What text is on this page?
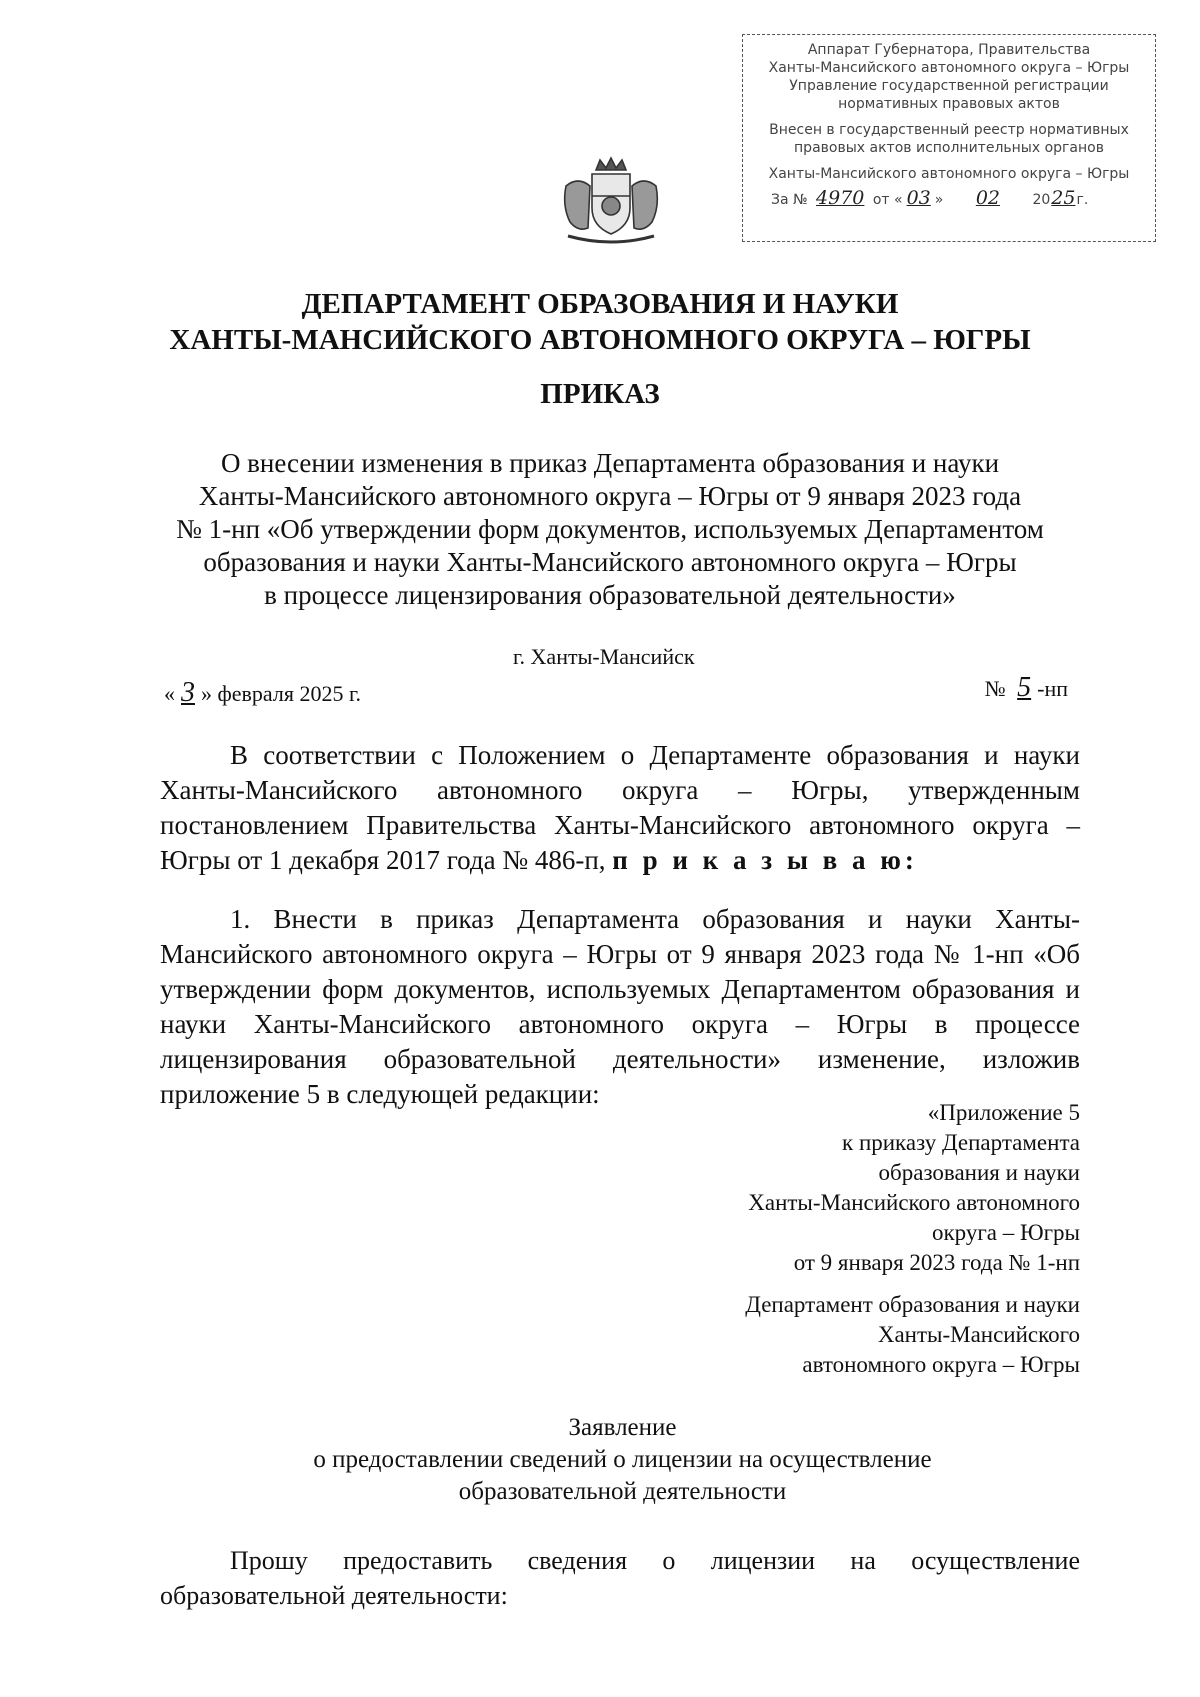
Аппарат Губернатора, Правительства
Ханты-Мансийского автономного округа – Югры
Управление государственной регистрации
нормативных правовых актов
Внесен в государственный реестр нормативных
правовых актов исполнительных органов
Ханты-Мансийского автономного округа – Югры
За № 4970 от « 03 » 02 2025г.
ДЕПАРТАМЕНТ ОБРАЗОВАНИЯ И НАУКИ
ХАНТЫ-МАНСИЙСКОГО АВТОНОМНОГО ОКРУГА – ЮГРЫ
ПРИКАЗ
О внесении изменения в приказ Департамента образования и науки
Ханты-Мансийского автономного округа – Югры от 9 января 2023 года
№ 1-нп «Об утверждении форм документов, используемых Департаментом
образования и науки Ханты-Мансийского автономного округа – Югры
в процессе лицензирования образовательной деятельности»
г. Ханты-Мансийск
« 3 » февраля 2025 г.	№ 5 -нп
В соответствии с Положением о Департаменте образования и науки Ханты-Мансийского автономного округа – Югры, утвержденным постановлением Правительства Ханты-Мансийского автономного округа – Югры от 1 декабря 2017 года № 486-п, п р и к а з ы в а ю:
1. Внести в приказ Департамента образования и науки Ханты-Мансийского автономного округа – Югры от 9 января 2023 года № 1-нп «Об утверждении форм документов, используемых Департаментом образования и науки Ханты-Мансийского автономного округа – Югры в процессе лицензирования образовательной деятельности» изменение, изложив приложение 5 в следующей редакции:
«Приложение 5
к приказу Департамента
образования и науки
Ханты-Мансийского автономного
округа – Югры
от 9 января 2023 года № 1-нп
Департамент образования и науки
Ханты-Мансийского
автономного округа – Югры
Заявление
о предоставлении сведений о лицензии на осуществление
образовательной деятельности
Прошу предоставить сведения о лицензии на осуществление образовательной деятельности:
